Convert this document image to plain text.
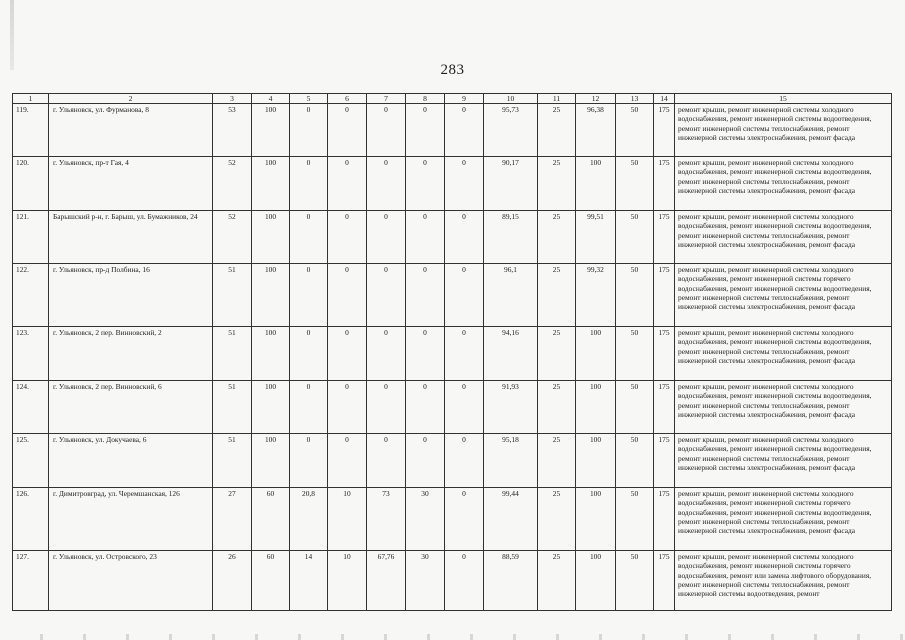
283
1	2	3	4	5	6	7	8	9	10	11	12	13	14	15
119.	г. Ульяновск, ул. Фурманова, 8	53	100	0	0	0	0	0	95,73	25	96,38	50	175	ремонт крыши, ремонт инженерной системы холодного водоснабжения, ремонт инженерной системы водоотведения, ремонт инженерной системы теплоснабжения, ремонт инженерной системы электроснабжения, ремонт фасада
120.	г. Ульяновск, пр-т Гая, 4	52	100	0	0	0	0	0	90,17	25	100	50	175	ремонт крыши, ремонт инженерной системы холодного водоснабжения, ремонт инженерной системы водоотведения, ремонт инженерной системы теплоснабжения, ремонт инженерной системы электроснабжения, ремонт фасада
121.	Барышский р-н, г. Барыш, ул. Бумажников, 24	52	100	0	0	0	0	0	89,15	25	99,51	50	175	ремонт крыши, ремонт инженерной системы холодного водоснабжения, ремонт инженерной системы водоотведения, ремонт инженерной системы теплоснабжения, ремонт инженерной системы электроснабжения, ремонт фасада
122.	г. Ульяновск, пр-д Полбина, 16	51	100	0	0	0	0	0	96,1	25	99,32	50	175	ремонт крыши, ремонт инженерной системы холодного водоснабжения, ремонт инженерной системы горячего водоснабжения, ремонт инженерной системы водоотведения, ремонт инженерной системы теплоснабжения, ремонт инженерной системы электроснабжения, ремонт фасада
123.	г. Ульяновск, 2 пер. Винновский, 2	51	100	0	0	0	0	0	94,16	25	100	50	175	ремонт крыши, ремонт инженерной системы холодного водоснабжения, ремонт инженерной системы водоотведения, ремонт инженерной системы теплоснабжения, ремонт инженерной системы электроснабжения, ремонт фасада
124.	г. Ульяновск, 2 пер. Винновский, 6	51	100	0	0	0	0	0	91,93	25	100	50	175	ремонт крыши, ремонт инженерной системы холодного водоснабжения, ремонт инженерной системы водоотведения, ремонт инженерной системы теплоснабжения, ремонт инженерной системы электроснабжения, ремонт фасада
125.	г. Ульяновск, ул. Докучаева, 6	51	100	0	0	0	0	0	95,18	25	100	50	175	ремонт крыши, ремонт инженерной системы холодного водоснабжения, ремонт инженерной системы водоотведения, ремонт инженерной системы теплоснабжения, ремонт инженерной системы электроснабжения, ремонт фасада
126.	г. Димитровград, ул. Черемшанская, 126	27	60	20,8	10	73	30	0	99,44	25	100	50	175	ремонт крыши, ремонт инженерной системы холодного водоснабжения, ремонт инженерной системы горячего водоснабжения, ремонт инженерной системы водоотведения, ремонт инженерной системы теплоснабжения, ремонт инженерной системы электроснабжения, ремонт фасада
127.	г. Ульяновск, ул. Островского, 23	26	60	14	10	67,76	30	0	88,59	25	100	50	175	ремонт крыши, ремонт инженерной системы холодного водоснабжения, ремонт инженерной системы горячего водоснабжения, ремонт или замена лифтового оборудования, ремонт инженерной системы теплоснабжения, ремонт инженерной системы водоотведения, ремонт
